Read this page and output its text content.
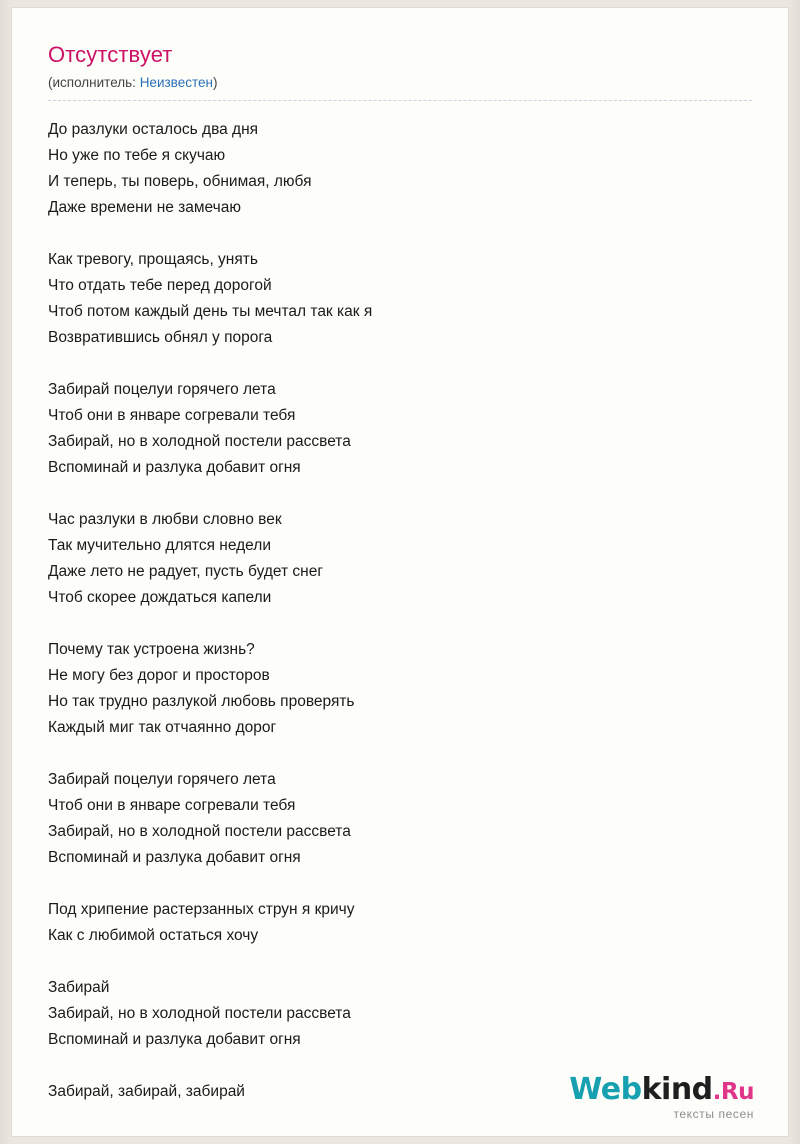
Отсутствует
(исполнитель: Неизвестен)

До разлуки осталось два дня
Но уже по тебе я скучаю
И теперь, ты поверь, обнимая, любя
Даже времени не замечаю

Как тревогу, прощаясь, унять
Что отдать тебе перед дорогой
Чтоб потом каждый день ты мечтал так как я
Возвратившись обнял у порога

Забирай поцелуи горячего лета
Чтоб они в январе согревали тебя
Забирай, но в холодной постели рассвета
Вспоминай и разлука добавит огня

Час разлуки в любви словно век
Так мучительно длятся недели
Даже лето не радует, пусть будет снег
Чтоб скорее дождаться капели

Почему так устроена жизнь?
Не могу без дорог и просторов
Но так трудно разлукой любовь проверять
Каждый миг так отчаянно дорог

Забирай поцелуи горячего лета
Чтоб они в январе согревали тебя
Забирай, но в холодной постели рассвета
Вспоминай и разлука добавит огня

Под хрипение растерзанных струн я кричу
Как с любимой остаться хочу

Забирай
Забирай, но в холодной постели рассвета
Вспоминай и разлука добавит огня

Забирай, забирай, забирай	Webkind.Ru
тексты песен
